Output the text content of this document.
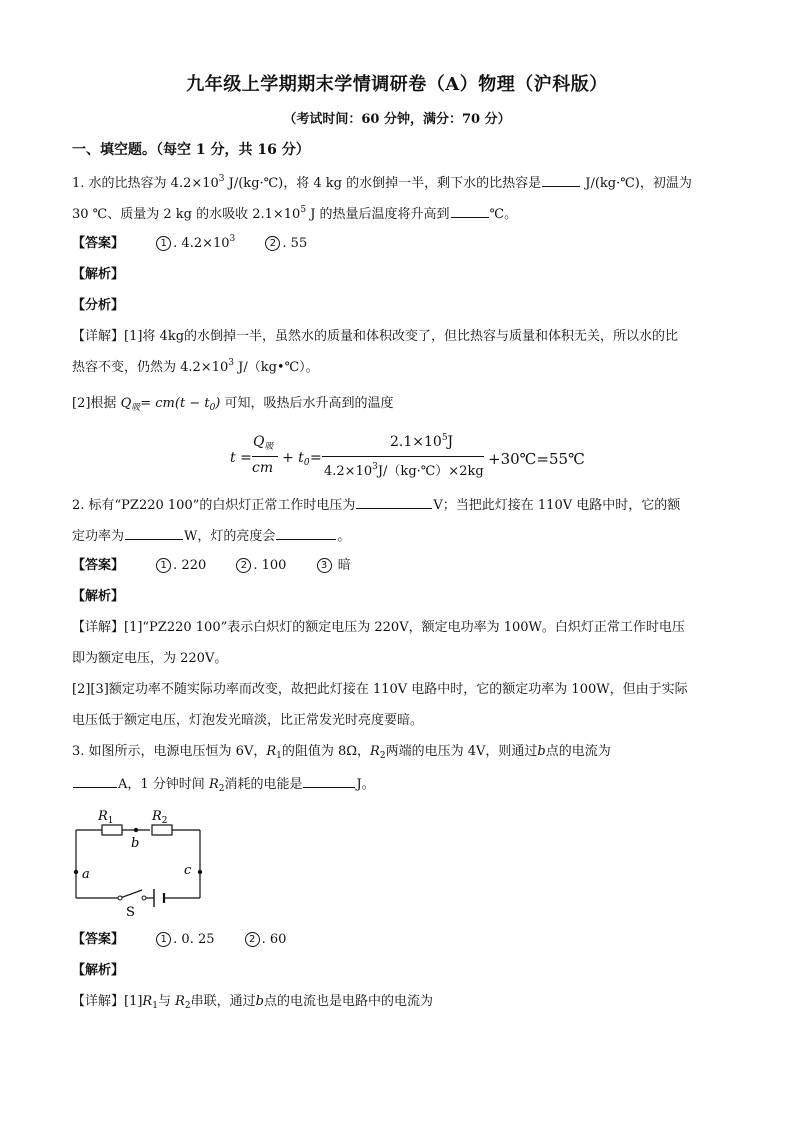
九年级上学期期末学情调研卷（A）物理（沪科版）
（考试时间：60 分钟，满分：70 分）
一、填空题。（每空 1 分，共 16 分）
1. 水的比热容为 $4.2\times 10^3$ J/(kg·℃)，将 4 kg 的水倒掉一半，剩下水的比热容是	J/(kg·℃)，初温为
30 ℃、质量为 2 kg 的水吸收 $2.1\times 10^5$ J 的热量后温度将升高到	℃。
【答案】	1 . $4.2\times 10^3$	2 . 55
【解析】
【分析】
【详解】[1]将 4kg的水倒掉一半，虽然水的质量和体积改变了，但比热容与质量和体积无关，所以水的比
热容不变，仍然为 $4.2\times 10^3$ J/（kg•℃）。
[2]根据 $Q_吸= cm(t - t_0)$ 可知，吸热后水升高到的温度
t =
$Q_吸$
cm
+ $t_0$ =
$2.1\times 10^5J$
$4.2\times 10^3J/(kg\cdot℃)\times 2kg$
+30℃=55℃
2. 标有“PZ220 100”的白炽灯正常工作时电压为	V；当把此灯接在 110V 电路中时，它的额
定功率为	W，灯的亮度会	。
【答案】	1 . 220	2 . 100	3 暗
【解析】
【详解】[1]“PZ220 100”表示白炽灯的额定电压为 220V，额定电功率为 100W。白炽灯正常工作时电压
即为额定电压，为 220V。
[2][3]额定功率不随实际功率而改变，故把此灯接在 110V 电路中时，它的额定功率为 100W，但由于实际
电压低于额定电压，灯泡发光暗淡，比正常发光时亮度要暗。
3. 如图所示，电源电压恒为 6V，$R_1$的阻值为 8Ω，$R_2$两端的电压为 4V，则通过b点的电流为
A，1 分钟时间 $R_2$消耗的电能是	J。
$R_1$	$R_2$
b
a	c
S
【答案】	1 . 0. 25	2 . 60
【解析】
【详解】$[1]R_1$与 $R_2$串联，通过b点的电流也是电路中的电流为
